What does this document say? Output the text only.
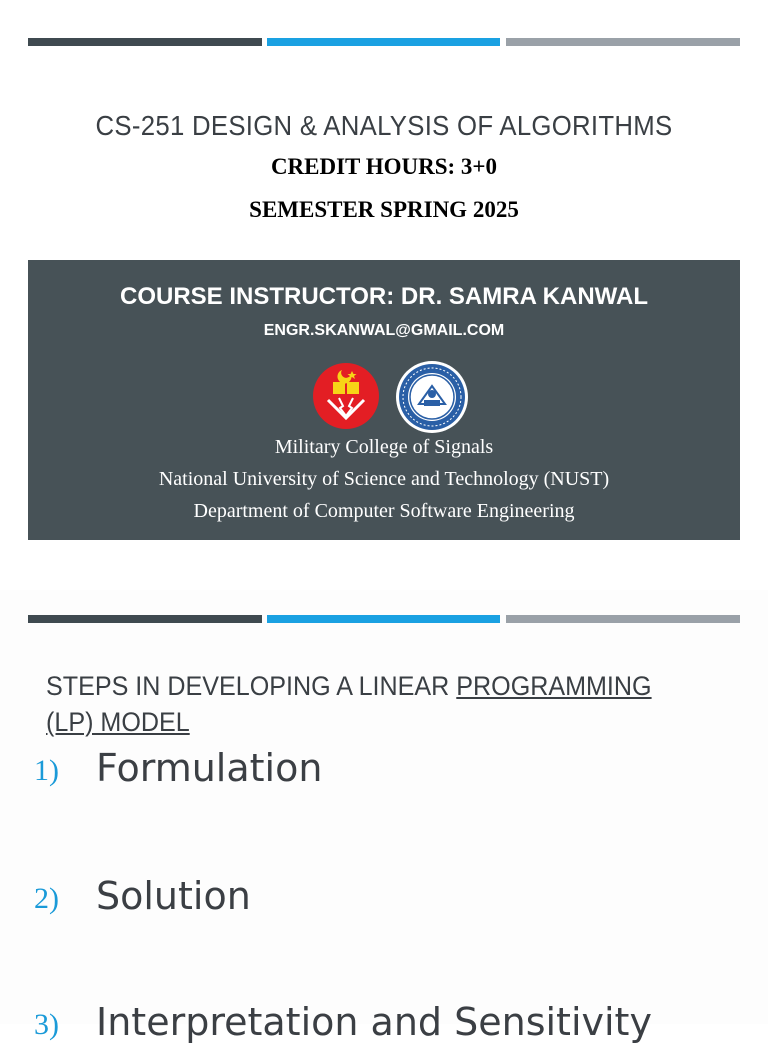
CS-251 DESIGN & ANALYSIS OF ALGORITHMS
CREDIT HOURS: 3+0
SEMESTER SPRING 2025
COURSE INSTRUCTOR: DR. SAMRA KANWAL
ENGR.SKANWAL@GMAIL.COM
Military College of Signals
National University of Science and Technology (NUST)
Department of Computer Software Engineering
STEPS IN DEVELOPING A LINEAR PROGRAMMING (LP) MODEL
1) Formulation
2) Solution
3) Interpretation and Sensitivity
